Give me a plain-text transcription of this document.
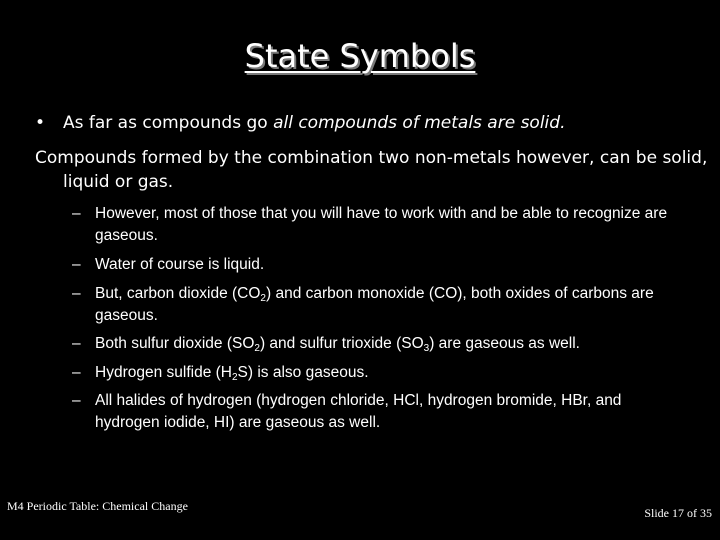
State Symbols
• As far as compounds go all compounds of metals are solid.
Compounds formed by the combination two non-metals however, can be solid, liquid or gas.
– However, most of those that you will have to work with and be able to recognize are gaseous.
– Water of course is liquid.
– But, carbon dioxide $(CO_2)$ and carbon monoxide (CO), both oxides of carbons are gaseous.
– Both sulfur dioxide $(SO_2)$ and sulfur trioxide $(SO_3)$ are gaseous as well.
– Hydrogen sulfide $(H_2S)$ is also gaseous.
– All halides of hydrogen (hydrogen chloride, HCl, hydrogen bromide, HBr, and hydrogen iodide, HI) are gaseous as well.
M4 Periodic Table: Chemical Change	Slide 17 of 35
